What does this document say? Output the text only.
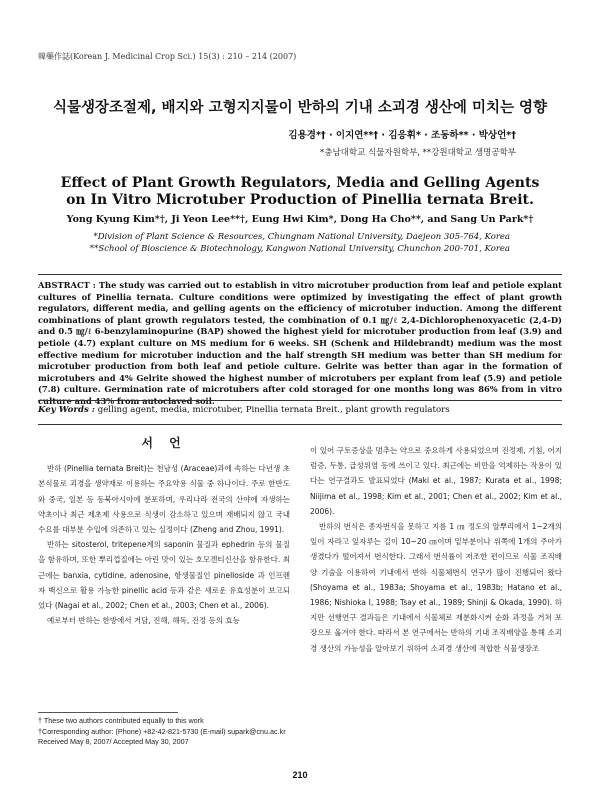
韓藥作誌(Korean J. Medicinal Crop Sci.) 15(3) : 210 – 214 (2007)
식물생장조절제, 배지와 고형지지물이 반하의 기내 소괴경 생산에 미치는 영향
김용경*† · 이지연**† · 김응휘* · 조동하** · 박상언*†
*충남대학교 식물자원학부, **강원대학교 생명공학부
Effect of Plant Growth Regulators, Media and Gelling Agents
on In Vitro Microtuber Production of Pinellia ternata Breit.
Yong Kyung Kim*†, Ji Yeon Lee**†, Eung Hwi Kim*, Dong Ha Cho**, and Sang Un Park*†
*Division of Plant Science & Resources, Chungnam National University, Daejeon 305-764, Korea
**School of Bioscience & Biotechnology, Kangwon National University, Chunchon 200-701, Korea
ABSTRACT : The study was carried out to establish in vitro microtuber production from leaf and petiole explant cultures of Pinellia ternata. Culture conditions were optimized by investigating the effect of plant growth regulators, different media, and gelling agents on the efficiency of microtuber induction. Among the different combinations of plant growth regulators tested, the combination of 0.1 ㎎/ℓ 2,4-Dichlorophenoxyacetic (2,4-D) and 0.5 ㎎/ℓ 6-benzylaminopurine (BAP) showed the highest yield for microtuber production from leaf (3.9) and petiole (4.7) explant culture on MS medium for 6 weeks. SH (Schenk and Hildebrandt) medium was the most effective medium for microtuber induction and the half strength SH medium was better than SH medium for microtuber production from both leaf and petiole culture. Gelrite was better than agar in the formation of microtubers and 4% Gelrite showed the highest number of microtubers per explant from leaf (5.9) and petiole (7.8) culture. Germination rate of microtubers after cold storaged for one months long was 86% from in vitro
Key Words : gelling agent, media, microtuber, Pinellia ternata Breit., plant growth regulators
서 언

반하 (Pinellia ternata Breit)는 천남성 (Araceae)과에 속하는 다년생 초본식물로 괴경을 생약재로 이용하는 주요약용 식물 중 하나이다. 주로 한반도와 중국, 일본 등 동북아시아에 분포하며, 우리나라 전국의 산야에 자생하는 약초이나 최근 제초제 사용으로 식생이 감소하고 있으며 재배되지 않고 국내 수요를 대부분 수입에 의존하고 있는 실정이다 (Zheng and Zhou, 1991).

반하는 sitosterol, tritepene계의 saponin 물질과 ephedrin 등의 물질을 함유하며, 또한 뿌리껍질에는 아린 맛이 있는 호모겐티신산을 함유한다. 최근에는 banxia, cytidine, adenosine, 항생물질인 pinelloside 과 인프렌자 백신으로 활용 가능한 pinellic acid 등과 같은 새로운 유효성분이 보고되었다 (Nagai et al., 2002; Chen et al., 2003; Chen et al., 2006).

예로부터 반하는 한방에서 거담, 진해, 해독, 진정 등의 효능

이 있어 구토증상을 멈추는 약으로 중요하게 사용되었으며 진정제, 기침, 어지럼증, 두통, 급성위염 등에 쓰이고 있다. 최근에는 비만을 억제하는 작용이 있다는 연구결과도 발표되었다 (Maki et al., 1987; Kurata et al., 1998; Niijima et al., 1998; Kim et al., 2001; Chen et al., 2002; Kim et al., 2006).

반하의 번식은 종자번식을 못하고 지름 1 ㎝ 정도의 알뿌리에서 1~2개의 잎이 자라고 잎자루는 길이 10~20 ㎝이며 밑부분이나 위쪽에 1개의 주아가 생겼다가 떨어져서 번식한다. 그래서 번식률이 저조한 편이므로 식물 조직배양 기술을 이용하여 기내에서 반하 식물체번식 연구가 많이 진행되어 왔다 (Shoyama et al., 1983a; Shoyama et al., 1983b; Hatano et al., 1986; Nishioka I, 1988; Tsay et al., 1989; Shinji & Okada, 1990). 하지만 선행연구 결과들은 기내에서 식물체로 재분화시켜 순화 과정을 거쳐 포장으로 옮겨야 한다. 따라서 본 연구에서는 반하의 기내 조직배양을 통해 소괴경 생산의 가능성을 알아보기 위하여 소괴경 생산에 적합한 식물생장조

† These two authors contributed equally to this work
†Corresponding author: (Phone) +82-42-821-5730 (E-mail) supark@cnu.ac.kr
Received May 8, 2007/ Accepted May 30, 2007
210
